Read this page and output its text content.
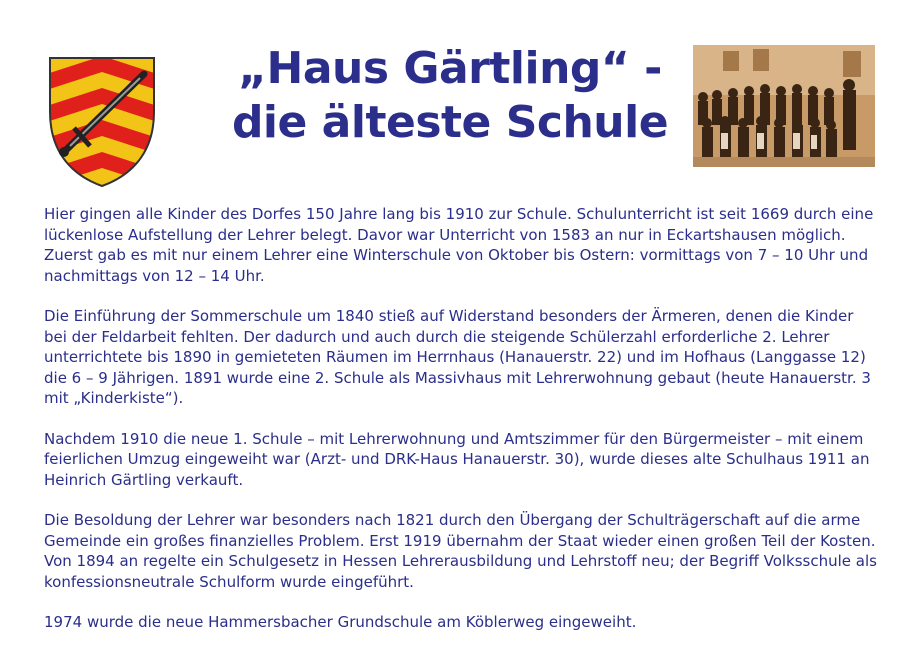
„Haus Gärtling“ -
die älteste Schule

Hier gingen alle Kinder des Dorfes 150 Jahre lang bis 1910 zur Schule. Schulunterricht ist seit 1669 durch eine lückenlose Aufstellung der Lehrer belegt. Davor war Unterricht von 1583 an nur in Eckartshausen möglich. Zuerst gab es mit nur einem Lehrer eine Winterschule von Oktober bis Ostern: vormittags von 7 – 10 Uhr und nachmittags von 12 – 14 Uhr.

Die Einführung der Sommerschule um 1840 stieß auf Widerstand besonders der Ärmeren, denen die Kinder bei der Feldarbeit fehlten. Der dadurch und auch durch die steigende Schülerzahl erforderliche 2. Lehrer unterrichtete bis 1890 in gemieteten Räumen im Herrnhaus (Hanauerstr. 22) und im Hofhaus (Langgasse 12) die 6 – 9 Jährigen. 1891 wurde eine 2. Schule als Massivhaus mit Lehrerwohnung gebaut (heute Hanauerstr. 3 mit „Kinderkiste“).

Nachdem 1910 die neue 1. Schule – mit Lehrerwohnung und Amtszimmer für den Bürgermeister – mit einem feierlichen Umzug eingeweiht war (Arzt- und DRK-Haus Hanauerstr. 30), wurde dieses alte Schulhaus 1911 an Heinrich Gärtling verkauft.

Die Besoldung der Lehrer war besonders nach 1821 durch den Übergang der Schulträgerschaft auf die arme Gemeinde ein großes finanzielles Problem. Erst 1919 übernahm der Staat wieder einen großen Teil der Kosten. Von 1894 an regelte ein Schulgesetz in Hessen Lehrerausbildung und Lehrstoff neu; der Begriff Volksschule als konfessionsneutrale Schulform wurde eingeführt.

1974 wurde die neue Hammersbacher Grundschule am Köblerweg eingeweiht.
